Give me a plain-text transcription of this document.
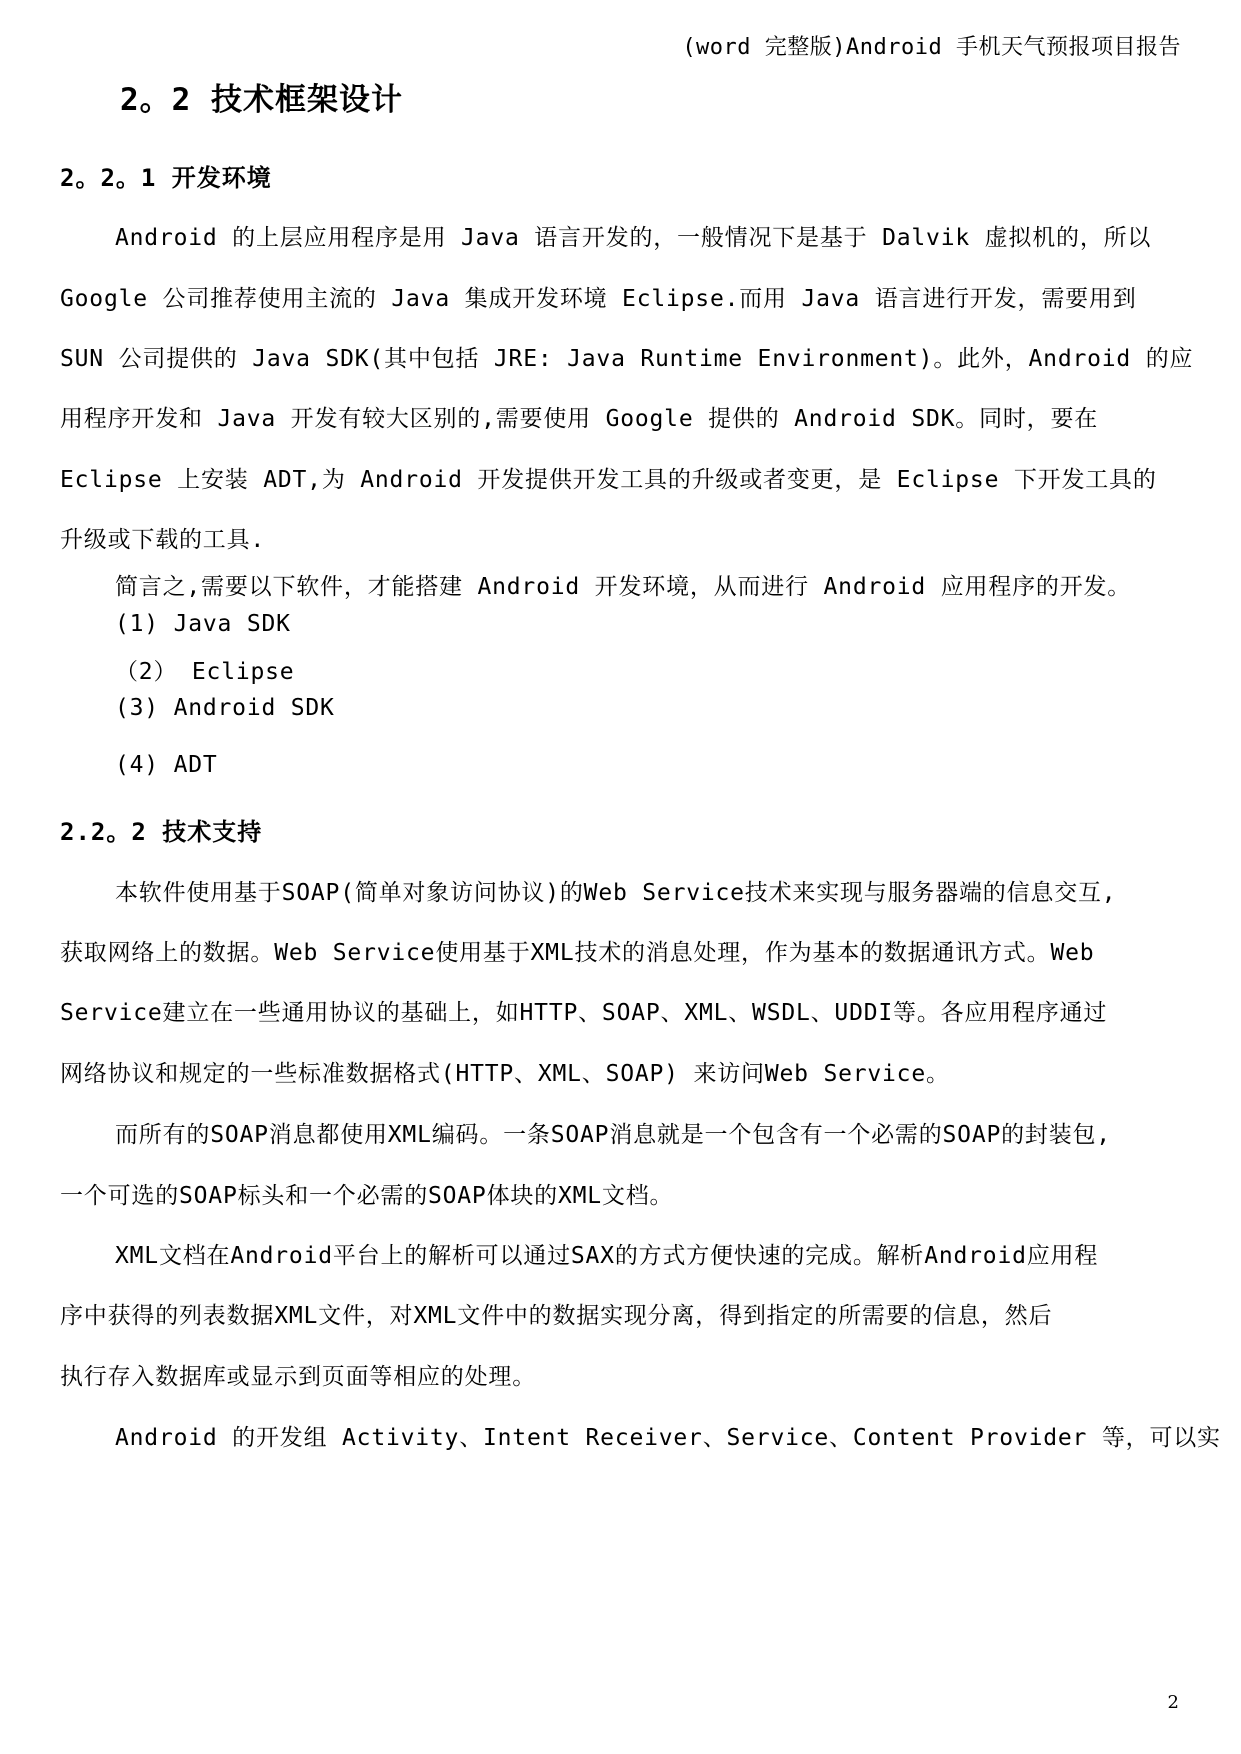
(word 完整版)Android 手机天气预报项目报告
2。2 技术框架设计
2。2。1 开发环境
Android 的上层应用程序是用 Java 语言开发的，一般情况下是基于 Dalvik 虚拟机的，所以
Google 公司推荐使用主流的 Java 集成开发环境 Eclipse.而用 Java 语言进行开发，需要用到
SUN 公司提供的 Java SDK(其中包括 JRE: Java Runtime Environment)。此外，Android 的应
用程序开发和 Java 开发有较大区别的,需要使用 Google 提供的 Android SDK。同时，要在
Eclipse 上安装 ADT,为 Android 开发提供开发工具的升级或者变更，是 Eclipse 下开发工具的
升级或下载的工具.
简言之,需要以下软件，才能搭建 Android 开发环境，从而进行 Android 应用程序的开发。
(1) Java SDK
（2） Eclipse
(3) Android SDK
(4) ADT
2.2。2 技术支持
本软件使用基于SOAP(简单对象访问协议)的Web Service技术来实现与服务器端的信息交互,
获取网络上的数据。Web Service使用基于XML技术的消息处理，作为基本的数据通讯方式。Web
Service建立在一些通用协议的基础上，如HTTP、SOAP、XML、WSDL、UDDI等。各应用程序通过
网络协议和规定的一些标准数据格式(HTTP、XML、SOAP) 来访问Web Service。
而所有的SOAP消息都使用XML编码。一条SOAP消息就是一个包含有一个必需的SOAP的封装包,
一个可选的SOAP标头和一个必需的SOAP体块的XML文档。
XML文档在Android平台上的解析可以通过SAX的方式方便快速的完成。解析Android应用程
序中获得的列表数据XML文件，对XML文件中的数据实现分离，得到指定的所需要的信息，然后
执行存入数据库或显示到页面等相应的处理。
Android 的开发组 Activity、Intent Receiver、Service、Content Provider 等，可以实
2
